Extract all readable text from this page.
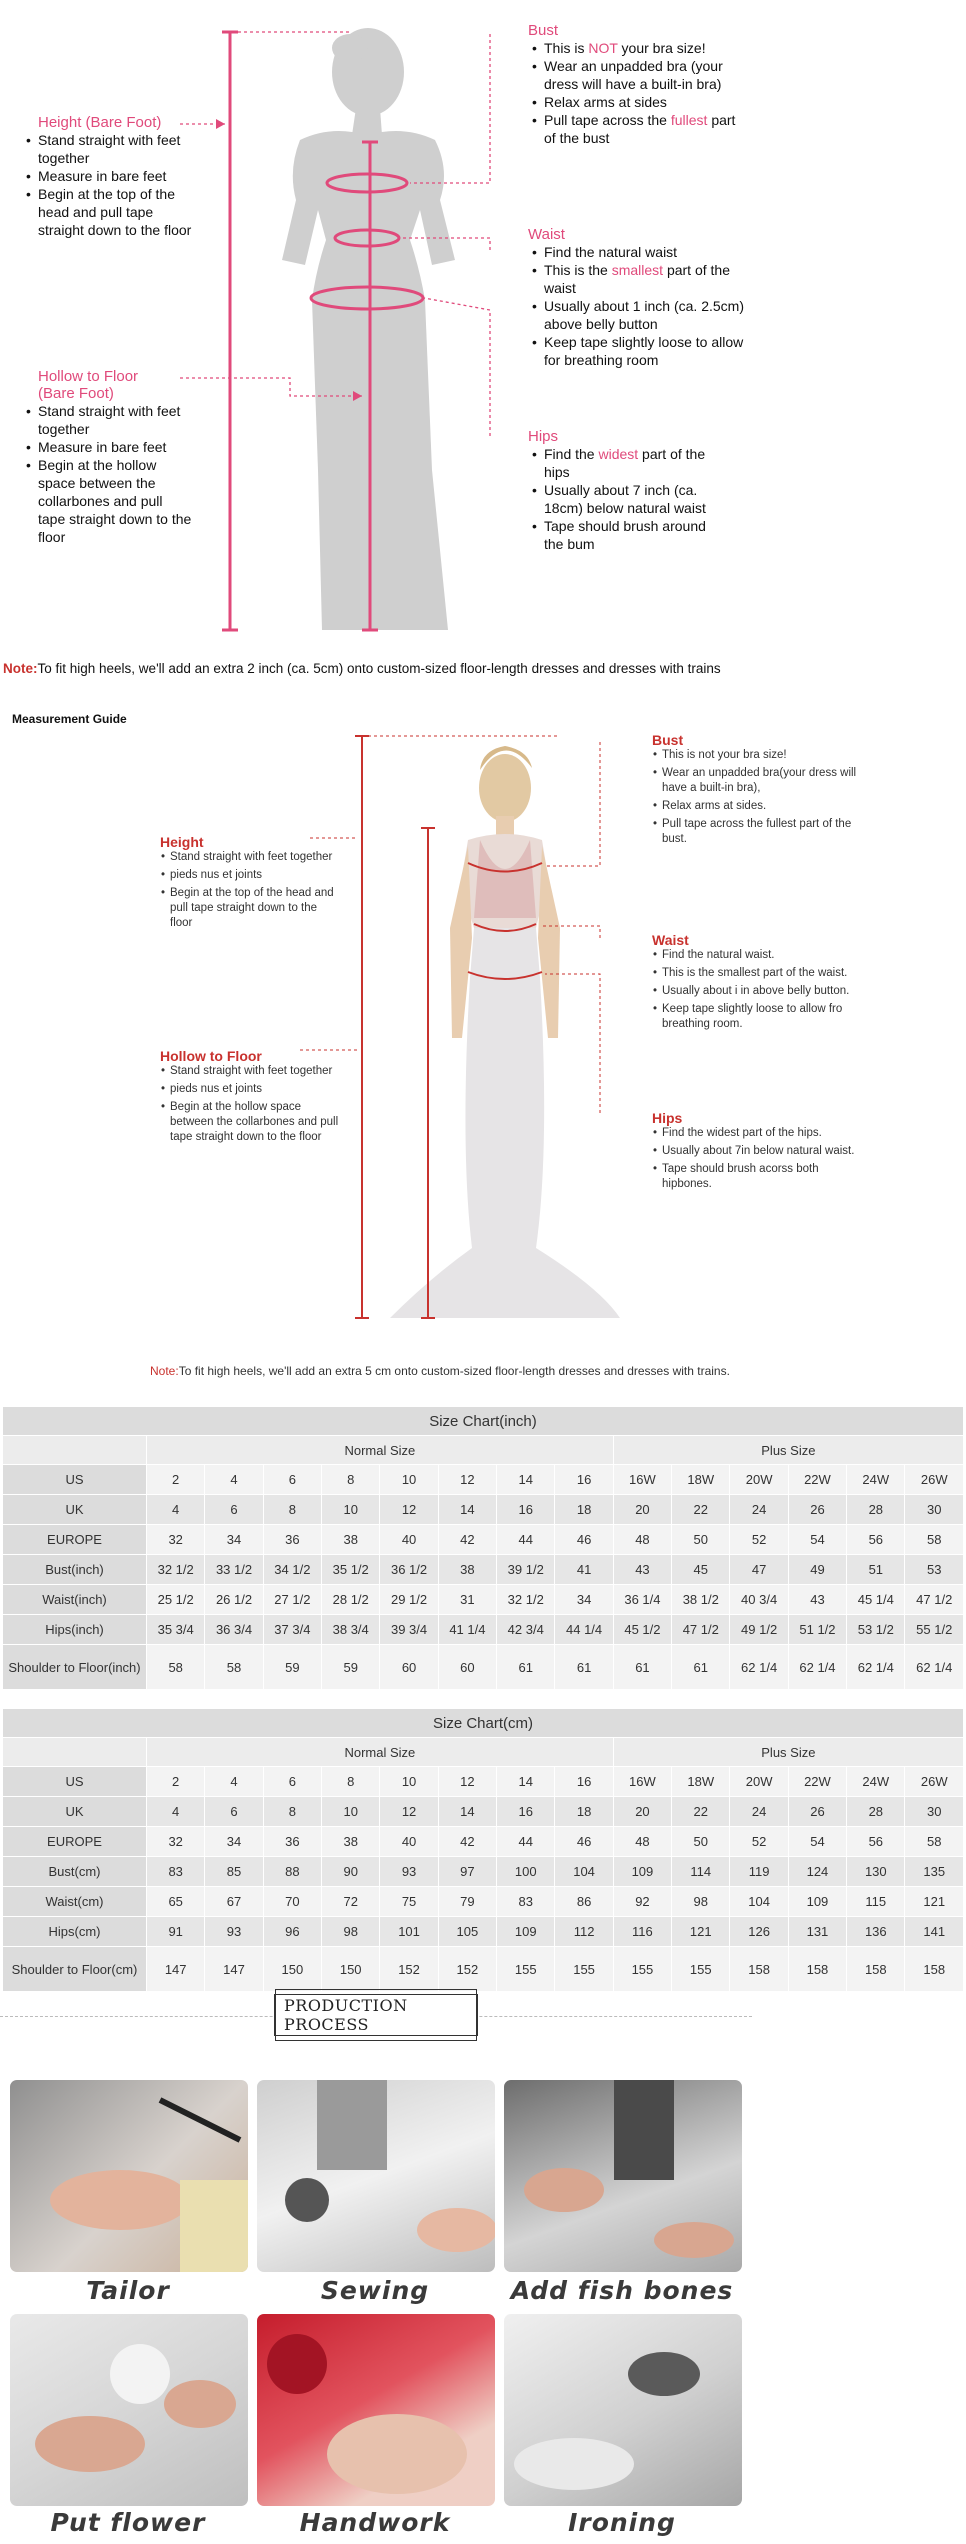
Bust
• This is NOT your bra size!
• Wear an unpadded bra (your dress will have a built-in bra)
• Relax arms at sides
• Pull tape across the fullest part of the bust
Waist
• Find the natural waist
• This is the smallest part of the waist
• Usually about 1 inch (ca. 2.5cm) above belly button
• Keep tape slightly loose to allow for breathing room
Hips
• Find the widest part of the hips
• Usually about 7 inch (ca. 18cm) below natural waist
• Tape should brush around the bum
Height (Bare Foot)
• Stand straight with feet together
• Measure in bare feet
• Begin at the top of the head and pull tape straight down to the floor
Hollow to Floor (Bare Foot)
• Stand straight with feet together
• Measure in bare feet
• Begin at the hollow space between the collarbones and pull tape straight down to the floor
Note:To fit high heels, we'll add an extra 2 inch (ca. 5cm) onto custom-sized floor-length dresses and dresses with trains
Measurement Guide
Bust
• This is not your bra size!
• Wear an unpadded bra(your dress will have a built-in bra),
• Relax arms at sides.
• Pull tape across the fullest part of the bust.
Waist
• Find the natural waist.
• This is the smallest part of the waist.
• Usually about i in above belly button.
• Keep tape slightly loose to allow fro breathing room.
Hips
• Find the widest part of the hips.
• Usually about 7in below natural waist.
• Tape should brush acorss both hipbones.
Height
• Stand straight with feet together
• pieds nus et joints
• Begin at the top of the head and pull tape straight down to the floor
Hollow to Floor
• Stand straight with feet together
• pieds nus et joints
• Begin at the hollow space between the collarbones and pull tape straight down to the floor
Note:To fit high heels, we'll add an extra 5 cm onto custom-sized floor-length dresses and dresses with trains.
Size Chart(inch)														
	Normal Size								Plus Size					
US	2	4	6	8	10	12	14	16	16W	18W	20W	22W	24W	26W
UK	4	6	8	10	12	14	16	18	20	22	24	26	28	30
EUROPE	32	34	36	38	40	42	44	46	48	50	52	54	56	58
Bust(inch)	32 1/2	33 1/2	34 1/2	35 1/2	36 1/2	38	39 1/2	41	43	45	47	49	51	53
Waist(inch)	25 1/2	26 1/2	27 1/2	28 1/2	29 1/2	31	32 1/2	34	36 1/4	38 1/2	40 3/4	43	45 1/4	47 1/2
Hips(inch)	35 3/4	36 3/4	37 3/4	38 3/4	39 3/4	41 1/4	42 3/4	44 1/4	45 1/2	47 1/2	49 1/2	51 1/2	53 1/2	55 1/2
Shoulder to Floor(inch)	58	58	59	59	60	60	61	61	61	61	62 1/4	62 1/4	62 1/4	62 1/4
Size Chart(cm)														
	Normal Size								Plus Size					
US	2	4	6	8	10	12	14	16	16W	18W	20W	22W	24W	26W
UK	4	6	8	10	12	14	16	18	20	22	24	26	28	30
EUROPE	32	34	36	38	40	42	44	46	48	50	52	54	56	58
Bust(cm)	83	85	88	90	93	97	100	104	109	114	119	124	130	135
Waist(cm)	65	67	70	72	75	79	83	86	92	98	104	109	115	121
Hips(cm)	91	93	96	98	101	105	109	112	116	121	126	131	136	141
Shoulder to Floor(cm)	147	147	150	150	152	152	155	155	155	155	158	158	158	158
PRODUCTION PROCESS
Tailor	Sewing	Add fish bones
Put flower	Handwork	Ironing
